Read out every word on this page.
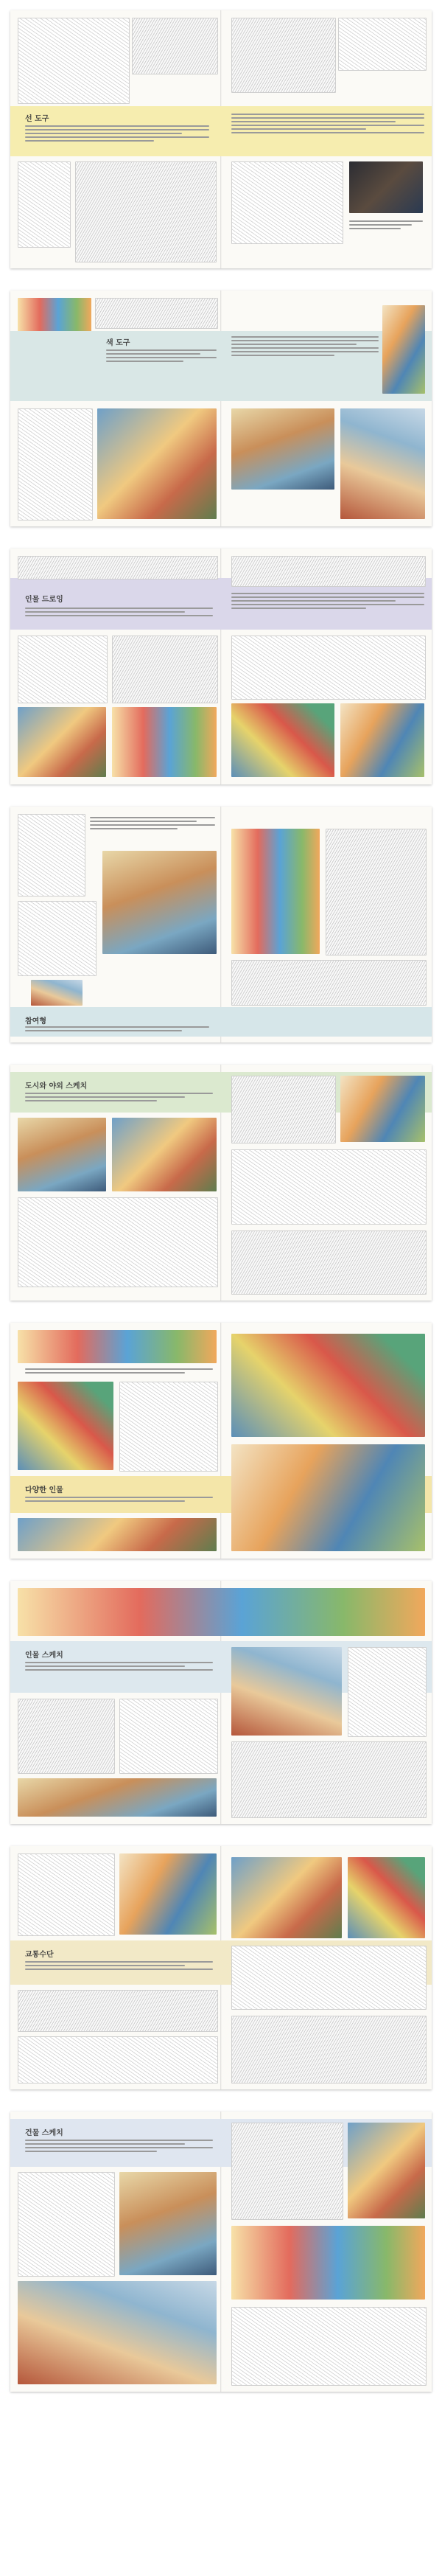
선 도구
색 도구
인물 드로잉
참여형
도시와 야외 스케치
다양한 인물
인물 스케치
교통수단
건물 스케치
